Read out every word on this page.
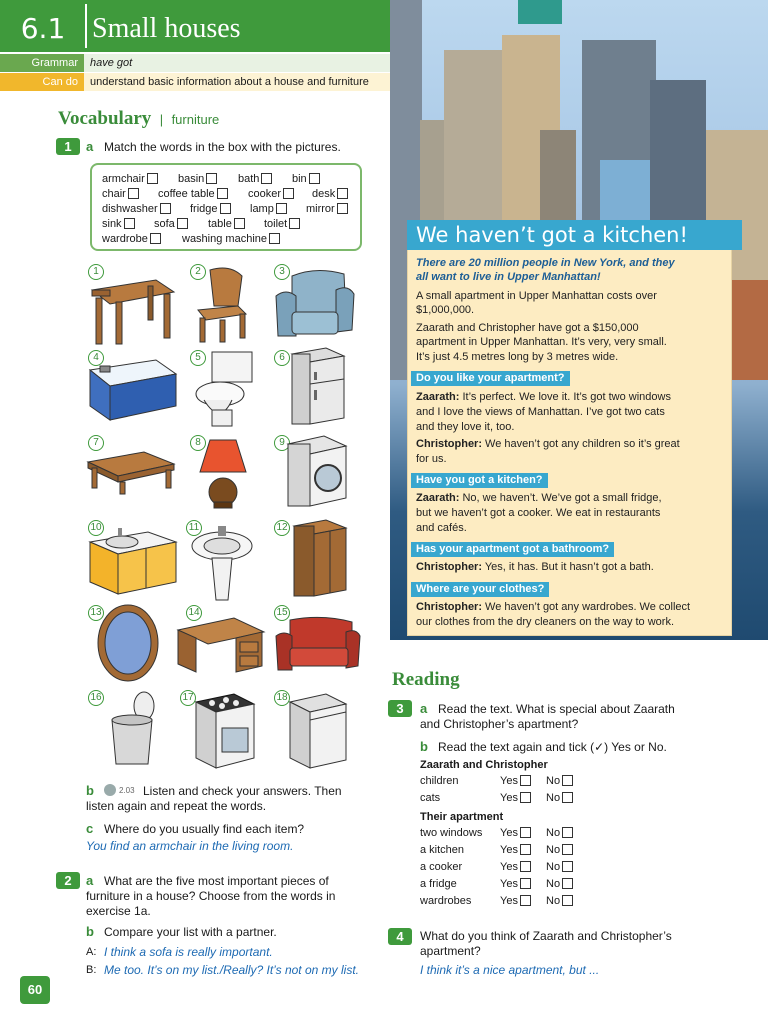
6.1 Small houses
Grammar	have got
Can do	understand basic information about a house and furniture
Vocabulary | furniture
1	a Match the words in the box with the pictures.
armchair	basin	bath	bin
chair	coffee table	cooker	desk
dishwasher	fridge	lamp	mirror
sink	sofa	table	toilet
wardrobe	washing machine
1	2	3
4	5	6
7	8	9
10	11	12
13	14	15
16	17	18
b	2.03 Listen and check your answers. Then
listen again and repeat the words.
c Where do you usually find each item?
You find an armchair in the living room.
2	a What are the five most important pieces of
furniture in a house? Choose from the words in
exercise 1a.
b Compare your list with a partner.
A: I think a sofa is really important.
B: Me too. It’s on my list./Really? It’s not on my list.
60
We haven’t got a kitchen!
There are 20 million people in New York, and they
all want to live in Upper Manhattan!
A small apartment in Upper Manhattan costs over
$1,000,000.
Zaarath and Christopher have got a $150,000
apartment in Upper Manhattan. It’s very, very small.
It’s just 4.5 metres long by 3 metres wide.
Do you like your apartment?
Zaarath: It’s perfect. We love it. It’s got two windows
and I love the views of Manhattan. I’ve got two cats
and they love it, too.
Christopher: We haven’t got any children so it’s great
for us.
Have you got a kitchen?
Zaarath: No, we haven’t. We’ve got a small fridge,
but we haven’t got a cooker. We eat in restaurants
and cafés.
Has your apartment got a bathroom?
Christopher: Yes, it has. But it hasn’t got a bath.
Where are your clothes?
Christopher: We haven’t got any wardrobes. We collect
our clothes from the dry cleaners on the way to work.
Reading
3	a Read the text. What is special about Zaarath
and Christopher’s apartment?
b Read the text again and tick (✓) Yes or No.
Zaarath and Christopher
children	Yes	No
cats	Yes	No
Their apartment
two windows Yes	No
a kitchen	Yes	No
a cooker	Yes	No
a fridge	Yes	No
wardrobes	Yes	No
4	What do you think of Zaarath and Christopher’s
apartment?
I think it’s a nice apartment, but ...
